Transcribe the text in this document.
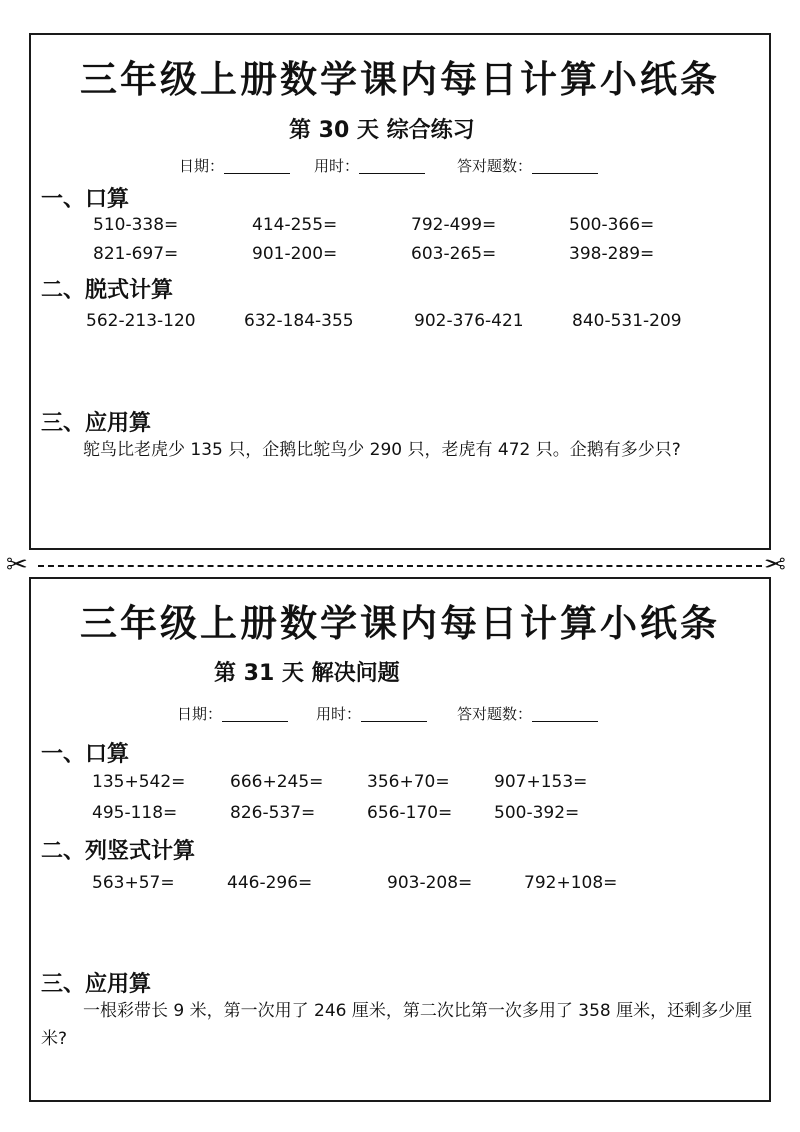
三年级上册数学课内每日计算小纸条
第 30 天 综合练习
日期：	用时：	答对题数：
一、口算
510-338=	414-255=	792-499=	500-366=
821-697=	901-200=	603-265=	398-289=
二、脱式计算
562-213-120	632-184-355	902-376-421	840-531-209
三、应用算
鸵鸟比老虎少 135 只，企鹅比鸵鸟少 290 只，老虎有 472 只。企鹅有多少只?
✂	✂
三年级上册数学课内每日计算小纸条
第 31 天 解决问题
日期：	用时：	答对题数：
一、口算
135+542=	666+245=	356+70=	907+153=
495-118=	826-537=	656-170= 500-392=
二、列竖式计算
563+57=	446-296=	903-208=	792+108=
三、应用算
一根彩带长 9 米，第一次用了 246 厘米，第二次比第一次多用了 358 厘米，还剩多少厘米?
